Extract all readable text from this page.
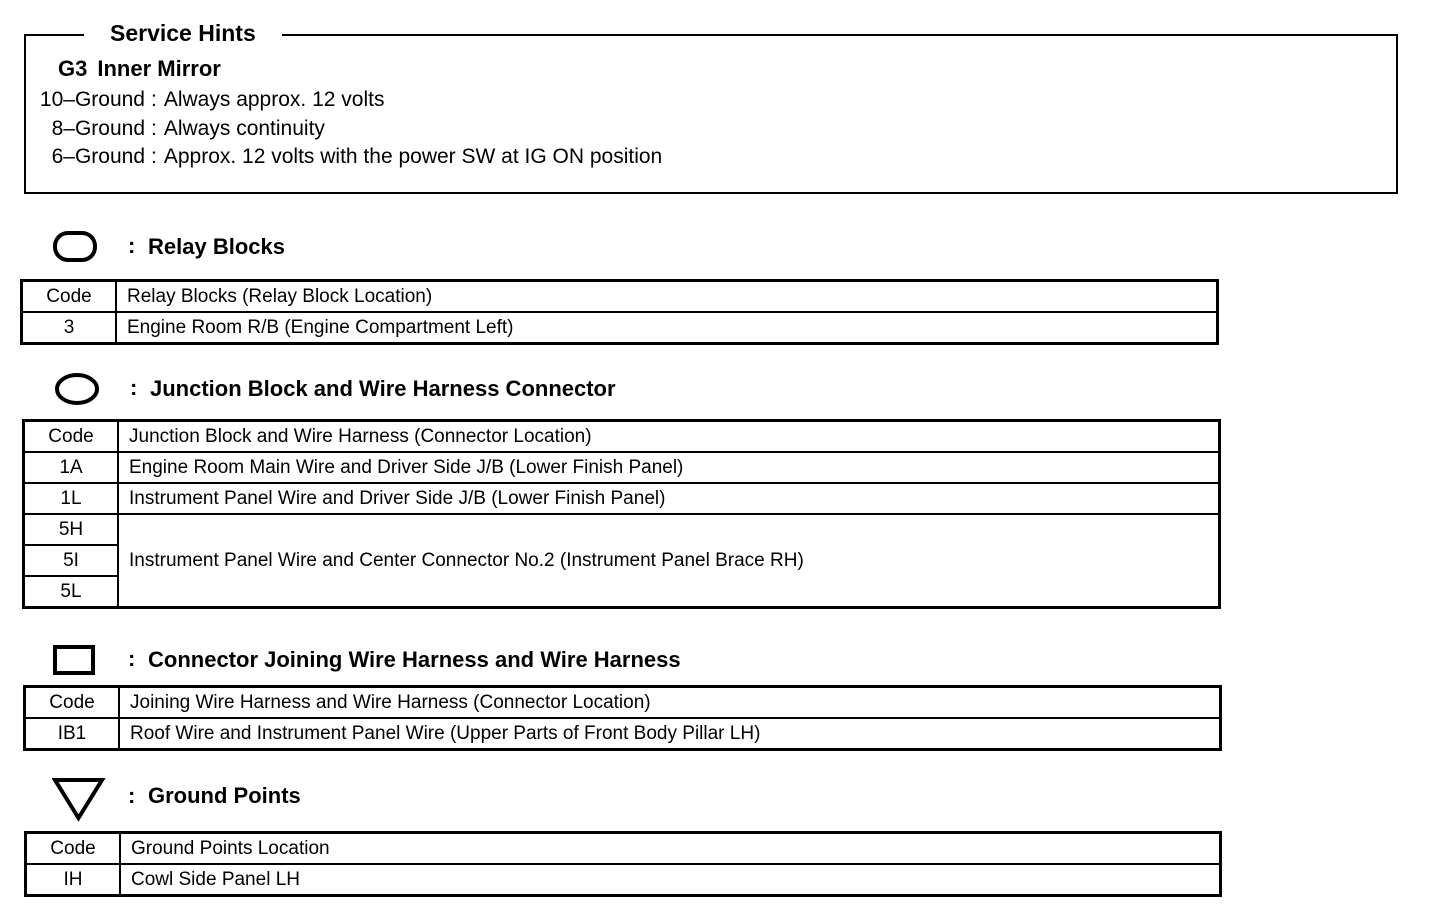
Service Hints
G3 Inner Mirror
10–Ground : Always approx. 12 volts
8–Ground : Always continuity
6–Ground : Approx. 12 volts with the power SW at IG ON position
: Relay Blocks
Code	Relay Blocks (Relay Block Location)
3	Engine Room R/B (Engine Compartment Left)
: Junction Block and Wire Harness Connector
Code	Junction Block and Wire Harness (Connector Location)
1A	Engine Room Main Wire and Driver Side J/B (Lower Finish Panel)
1L	Instrument Panel Wire and Driver Side J/B (Lower Finish Panel)
5H	Instrument Panel Wire and Center Connector No.2 (Instrument Panel Brace RH)
5I	
5L	
: Connector Joining Wire Harness and Wire Harness
Code	Joining Wire Harness and Wire Harness (Connector Location)
IB1	Roof Wire and Instrument Panel Wire (Upper Parts of Front Body Pillar LH)
: Ground Points
Code	Ground Points Location
IH	Cowl Side Panel LH
